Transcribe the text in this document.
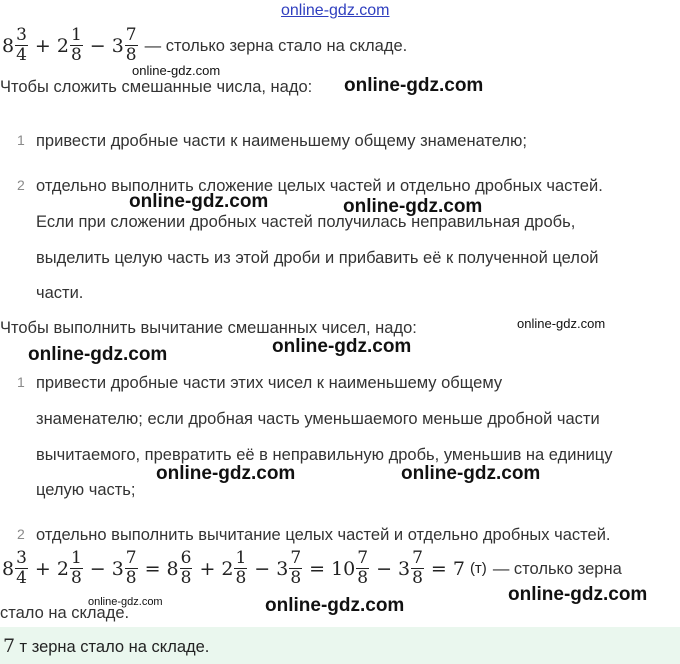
online-gdz.com
$8 \frac{3}{4} + 2 \frac{1}{8} - 3 \frac{7}{8}$ — столько зерна стало на складе.
online-gdz.com
Чтобы сложить смешанные числа, надо: online-gdz.com
1 привести дробные части к наименьшему общему знаменателю;
2 отдельно выполнить сложение целых частей и отдельно дробных частей.
online-gdz.com
Если при сложении дробных частей получилась неправильная дробь,
online-gdz.com
выделить целую часть из этой дроби и прибавить её к полученной целой
части.
Чтобы выполнить вычитание смешанных чисел, надо:	online-gdz.com
online-gdz.com
online-gdz.com
1 привести дробные части этих чисел к наименьшему общему
знаменателю; если дробная часть уменьшаемого меньше дробной части
вычитаемого, превратить её в неправильную дробь, уменьшив на единицу
online-gdz.com	online-gdz.com
целую часть;
2 отдельно выполнить вычитание целых частей и отдельно дробных частей.
$8 \frac{3}{4} + 2 \frac{1}{8} - 3 \frac{7}{8} = 8 \frac{6}{8} + 2 \frac{1}{8} - 3 \frac{7}{8} = 10 \frac{7}{8} - 3 \frac{7}{8} = 7$ (т) — столько зерна
online-gdz.com
стало на складе.
online-gdz.com	online-gdz.com
7 т зерна стало на складе.
